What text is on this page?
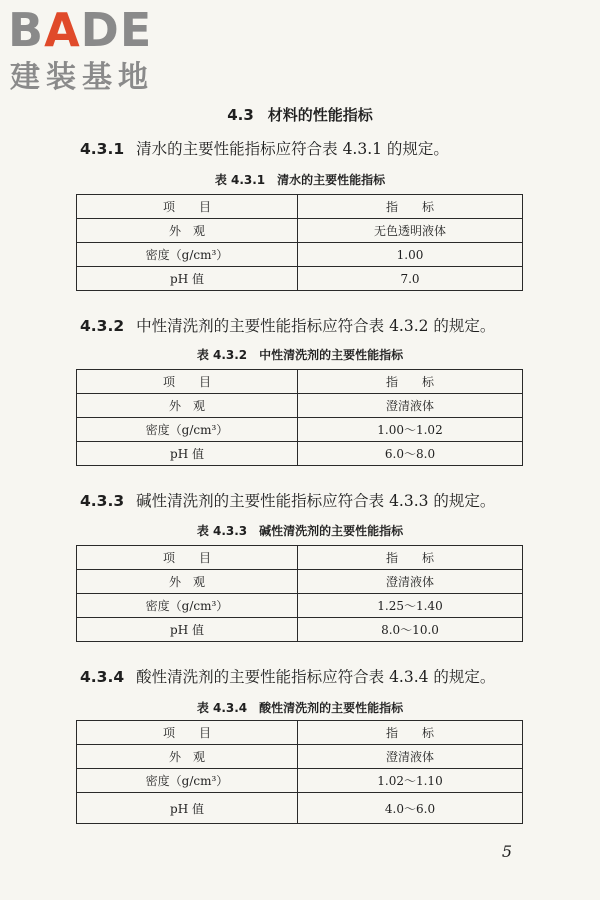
BADE
建装基地
4.3 材料的性能指标
4.3.1 清水的主要性能指标应符合表 4.3.1 的规定。
表 4.3.1 清水的主要性能指标
项　　目	指　　标
外　观	无色透明液体
密度（g/cm³）	1.00
pH 值	7.0
4.3.2 中性清洗剂的主要性能指标应符合表 4.3.2 的规定。
表 4.3.2 中性清洗剂的主要性能指标
项　　目	指　　标
外　观	澄清液体
密度（g/cm³）	1.00～1.02
pH 值	6.0～8.0
4.3.3 碱性清洗剂的主要性能指标应符合表 4.3.3 的规定。
表 4.3.3 碱性清洗剂的主要性能指标
项　　目	指　　标
外　观	澄清液体
密度（g/cm³）	1.25～1.40
pH 值	8.0～10.0
4.3.4 酸性清洗剂的主要性能指标应符合表 4.3.4 的规定。
表 4.3.4 酸性清洗剂的主要性能指标
项　　目	指　　标
外　观	澄清液体
密度（g/cm³）	1.02～1.10
pH 值	4.0～6.0
5
